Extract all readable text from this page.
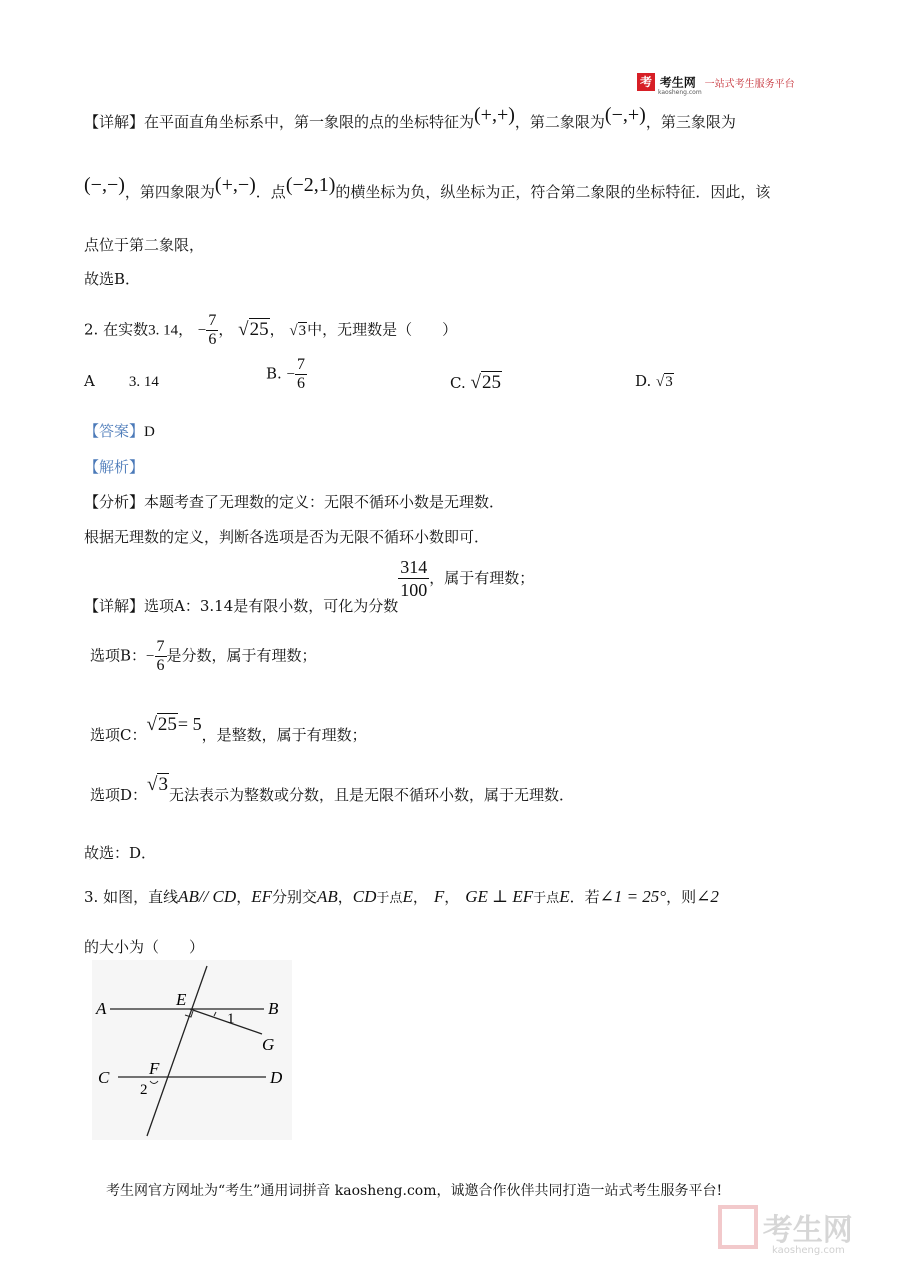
考 考生网 一站式考生服务平台
kaosheng.com
【详解】在平面直角坐标系中，第一象限的点的坐标特征为(+,+)，第二象限为(−,+)，第三象限为
(−,−)，第四象限为(+,−)．点(−2,1)的横坐标为负，纵坐标为正，符合第二象限的坐标特征．因此，该
点位于第二象限，
故选B．
2. 在实数3. 14， − $\frac{7}{6}$ ， √25， √3中，无理数是（　　）
A 3. 14	B. − $\frac{7}{6}$	C. √25	D. √3
【答案】D
【解析】
【分析】本题考查了无理数的定义：无限不循环小数是无理数．
根据无理数的定义，判断各选项是否为无限不循环小数即可．
【详解】选项A：3.14是有限小数，可化为分数
$\frac{314}{100}$ ，属于有理数；
选项B：− $\frac{7}{6}$ 是分数，属于有理数；
选项C：√25= 5，是整数，属于有理数；
选项D：√3无法表示为整数或分数，且是无限不循环小数，属于无理数．
故选：D．
3. 如图，直线AB// CD，EF分别交AB，CD于点E， F， GE ⊥ EF于点E．若∠1 = 25°，则∠2
的大小为（　　）
A	B
C	D
E
F
G
1
2
考生网官方网址为“考生”通用词拼音 kaosheng.com，诚邀合作伙伴共同打造一站式考生服务平台!
考生网
kaosheng.com
